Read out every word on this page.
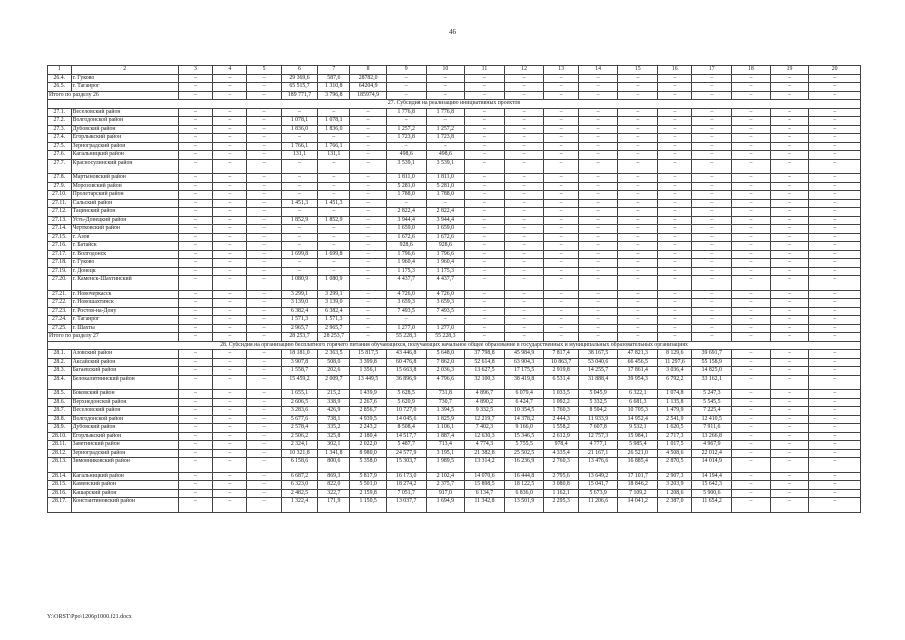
46
1	2	3	4	5	6	7	8	9	10	11	12	13	14	15	16	17	18	19	20
26.4.	г. Гуково	–	–	–	29 369,6	587,6	28782,0	–	–	–	–	–	–	–	–	–	–	–	–
26.5.	г. Таганрог	–	–	–	65 515,7	1 310,8	64204,9	–	–	–	–	–	–	–	–	–	–	–	–
Итого по разделу 26		–	–	–	189 771,7	3 796,8	185974,9	–	–	–	–	–	–	–	–	–	–	–	–
27. Субсидия на реализацию инициативных проектов																			
27.1.	Веселовский район	–	–	–	–	–	–	1 776,8	1 776,8	–	–	–	–	–	–	–	–	–	–
27.2.	Волгодонской район	–	–	–	1 078,1	1 078,1	–	–	–	–	–	–	–	–	–	–	–	–	–
27.3.	Дубовский район	–	–	–	1 836,0	1 836,0	–	1 257,2	1 257,2	–	–	–	–	–	–	–	–	–	–
27.4.	Егорлыкский район	–	–	–	–	–	–	1 723,8	1 723,8	–	–	–	–	–	–	–	–	–	–
27.5.	Зерноградский район	–	–	–	1 766,1	1 766,1	–	–	–	–	–	–	–	–	–	–	–	–	–
27.6.	Кагальницкий район	–	–	–	131,1	131,1	–	498,6	498,6	–	–	–	–	–	–	–	–	–	–
27.7.	Красносулинский район	–	–	–	–	–	–	3 539,1	3 539,1	–	–	–	–	–	–	–	–	–	–
27.8.	Мартыновский район	–	–	–	–	–	–	1 811,0	1 811,0	–	–	–	–	–	–	–	–	–	–
27.9.	Морозовский район	–	–	–	–	–	–	5 281,0	5 281,0	–	–	–	–	–	–	–	–	–	–
27.10.	Пролетарский район	–	–	–	–	–	–	1 788,0	1 788,0	–	–	–	–	–	–	–	–	–	–
27.11.	Сальский район	–	–	–	1 451,3	1 451,3	–	–	–	–	–	–	–	–	–	–	–	–	–
27.12.	Тацинский район	–	–	–	–	–	–	2 822,4	2 822,4	–	–	–	–	–	–	–	–	–	–
27.13.	Усть-Донецкий район	–	–	–	1 852,9	1 852,9	–	3 944,4	3 944,4	–	–	–	–	–	–	–	–	–	–
27.14.	Чертковский район	–	–	–	–	–	–	1 659,0	1 659,0	–	–	–	–	–	–	–	–	–	–
27.15.	г. Азов	–	–	–	–	–	–	1 672,6	1 672,6	–	–	–	–	–	–	–	–	–	–
27.16.	г. Батайск	–	–	–	–	–	–	928,6	928,6	–	–	–	–	–	–	–	–	–	–
27.17.	г. Волгодонск	–	–	–	1 699,8	1 699,8	–	1 796,6	1 796,6	–	–	–	–	–	–	–	–	–	–
27.18.	г. Гуково	–	–	–	–	–	–	1 960,4	1 960,4	–	–	–	–	–	–	–	–	–	–
27.19.	г. Донецк	–	–	–	–	–	–	1 175,3	1 175,3	–	–	–	–	–	–	–	–	–	–
27.20.	г. Каменск-Шахтинский	–	–	–	1 080,9	1 080,9	–	4 437,7	4 437,7	–	–	–	–	–	–	–	–	–	–
27.21.	г. Новочеркасск	–	–	–	3 299,1	3 299,1	–	4 726,0	4 726,0	–	–	–	–	–	–	–	–	–	–
27.22.	г. Новошахтинск	–	–	–	3 139,0	3 139,0	–	3 659,3	3 659,3	–	–	–	–	–	–	–	–	–	–
27.23.	г. Ростов-на-Дону	–	–	–	6 382,4	6 382,4	–	7 493,5	7 493,5	–	–	–	–	–	–	–	–	–	–
27.24.	г. Таганрог	–	–	–	1 571,3	1 571,3	–	–	–	–	–	–	–	–	–	–	–	–	–
27.25.	г. Шахты	–	–	–	2 965,7	2 965,7	–	1 277,0	1 277,0	–	–	–	–	–	–	–	–	–	–
Итого по разделу 27		–	–	–	28 253,7	28 253,7	–	55 228,3	55 228,3	–	–	–	–	–	–	–	–	–	–
28. Субсидия на организацию бесплатного горячего питания обучающихся, получающих начальное общее образование в государственных и муниципальных образовательных организациях																			
28.1.	Азовский район	–	–	–	18 181,0	2 363,5	15 817,5	43 446,8	5 648,0	37 798,8	45 984,9	7 817,4	38 167,5	47 821,3	8 129,6	39 691,7	–	–	–
28.2.	Аксайский район	–	–	–	3 907,8	508,0	3 399,8	60 476,8	7 862,0	52 614,8	63 904,3	10 863,7	53 040,6	66 456,5	11 297,6	55 158,9	–	–	–
28.3.	Багаевский район	–	–	–	1 558,7	202,6	1 356,1	15 663,8	2 036,3	13 627,5	17 175,5	2 919,8	14 255,7	17 861,4	3 036,4	14 825,0	–	–	–
28.4.	Белокалитвинский район	–	–	–	15 459,2	2 009,7	13 449,5	36 896,9	4 796,6	32 100,3	38 419,8	6 531,4	31 888,4	39 954,3	6 792,2	33 162,1	–	–	–
28.5.	Боковский район	–	–	–	1 655,1	215,2	1 439,9	5 628,5	731,8	4 896,7	6 079,4	1 033,5	5 045,9	6 322,1	1 074,8	5 247,3	–	–	–
28.6.	Верхнедонской район	–	–	–	2 606,5	338,9	2 267,6	5 620,9	730,7	4 890,2	6 424,7	1 092,2	5 332,5	6 681,3	1 135,8	5 545,5	–	–	–
28.7.	Веселовский район	–	–	–	3 283,6	426,9	2 856,7	10 727,0	1 394,5	9 332,5	10 354,5	1 760,3	8 594,2	10 705,3	1 479,9	7 225,4	–	–	–
28.8.	Волгодонской район	–	–	–	5 677,6	738,1	4 939,5	14 045,6	1 825,9	12 219,7	14 378,2	2 444,3	11 933,9	14 952,4	2 541,9	12 410,5	–	–	–
28.9.	Дубовский район	–	–	–	2 578,4	335,2	2 243,2	8 508,4	1 106,1	7 402,3	9 166,0	1 558,2	7 607,8	9 532,1	1 620,5	7 911,6	–	–	–
28.10.	Егорлыкский район	–	–	–	2 506,2	325,8	2 180,4	14 517,7	1 887,4	12 630,3	15 346,5	2 612,9	12 757,3	15 984,1	2 717,3	13 266,8	–	–	–
28.11.	Заветинский район	–	–	–	2 324,1	302,1	2 022,0	5 487,7	713,4	4 774,3	5 755,5	978,4	4 777,1	5 985,4	1 017,5	4 967,9	–	–	–
28.12.	Зерноградский район	–	–	–	10 321,8	1 341,8	8 980,0	24 577,9	3 195,1	21 382,8	25 502,5	4 335,4	21 167,1	26 521,0	4 508,6	22 012,4	–	–	–
28.13.	Зимовниковский район	–	–	–	6 158,6	800,6	5 358,0	15 303,7	1 989,5	13 314,2	16 236,9	2 760,3	13 476,6	16 885,4	2 870,5	14 014,9	–	–	–
28.14.	Кагальницкий район	–	–	–	6 687,2	869,3	5 817,9	16 173,0	2 102,4	14 070,6	16 444,8	2 795,6	13 649,2	17 101,7	2 907,3	14 194,4	–	–	–
28.15.	Каменский район	–	–	–	6 323,0	822,0	5 501,0	18 274,2	2 375,7	15 898,5	18 122,5	3 080,8	15 041,7	18 846,2	3 203,9	15 642,3	–	–	–
28.16.	Кашарский район	–	–	–	2 482,5	322,7	2 159,8	7 051,7	917,0	6 134,7	6 836,0	1 162,1	5 673,9	7 109,2	1 208,6	5 900,6	–	–	–
28.17.	Константиновский район	–	–	–	1 322,4	171,9	1 150,5	13 037,7	1 694,9	11 342,8	13 501,9	2 295,3	11 206,6	14 041,2	2 387,0	11 654,2	–	–	–
Y:\ORST\Ppo\1206p1000.f21.docx
